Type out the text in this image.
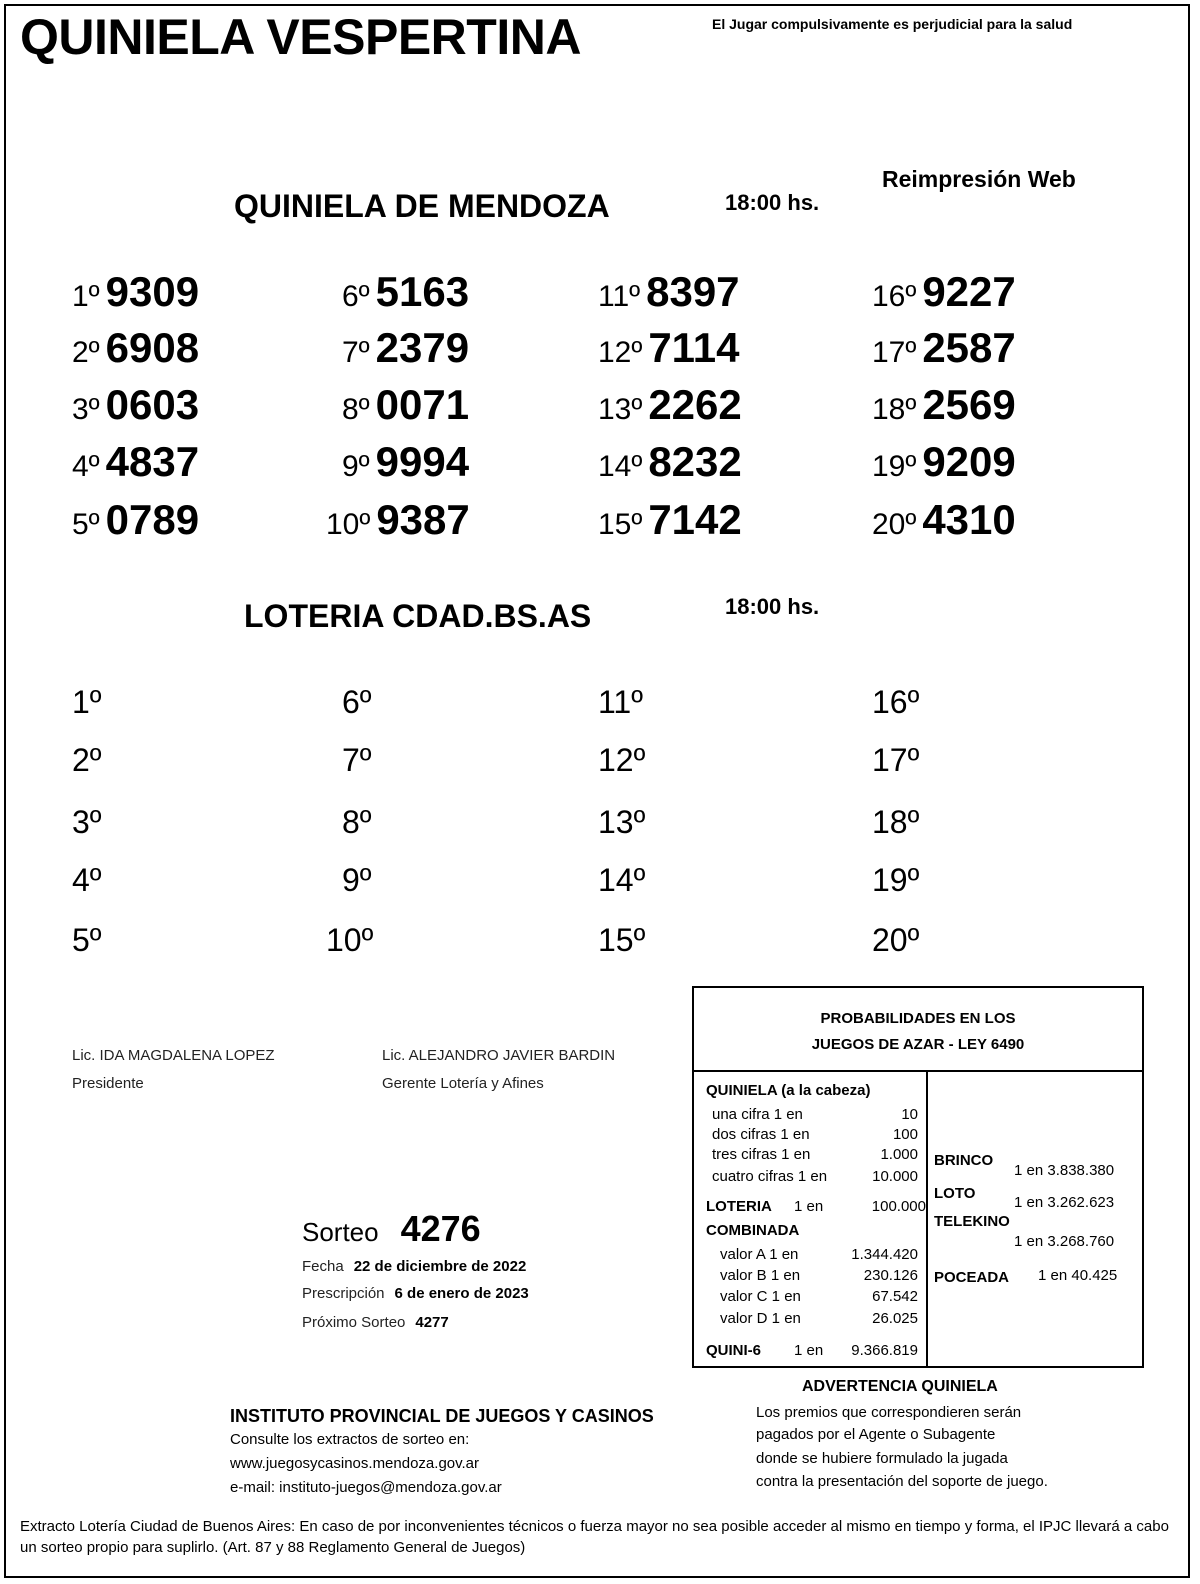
QUINIELA VESPERTINA	El Jugar compulsivamente es perjudicial para la salud
Reimpresión Web
QUINIELA DE MENDOZA	18:00 hs.
1º 9309
2º 6908
3º 0603
4º 4837
5º 0789
6º 5163
7º 2379
8º 0071
9º 9994
10º 9387
11º 8397
12º 7114
13º 2262
14º 8232
15º 7142
16º 9227
17º 2587
18º 2569
19º 9209
20º 4310
LOTERIA CDAD.BS.AS	18:00 hs.
1º
2º
3º
4º
5º
6º
7º
8º
9º
10º
11º
12º
13º
14º
15º
16º
17º
18º
19º
20º
Lic. IDA MAGDALENA LOPEZ
Presidente
Lic. ALEJANDRO JAVIER BARDIN
Gerente Lotería y Afines
Sorteo 4276
Fecha 22 de diciembre de 2022
Prescripción 6 de enero de 2023
Próximo Sorteo 4277
PROBABILIDADES EN LOS
JUEGOS DE AZAR - LEY 6490
QUINIELA (a la cabeza)
una cifra 1 en	10
dos cifras 1 en	100
tres cifras 1 en	1.000
cuatro cifras 1 en	10.000
LOTERIA 1 en	100.000
COMBINADA
valor A 1 en	1.344.420
valor B 1 en	230.126
valor C 1 en	67.542
valor D 1 en	26.025
QUINI-6 1 en	9.366.819
BRINCO
1 en 3.838.380
LOTO
1 en 3.262.623
TELEKINO
1 en 3.268.760
POCEADA 1 en 40.425
INSTITUTO PROVINCIAL DE JUEGOS Y CASINOS
Consulte los extractos de sorteo en:
www.juegosycasinos.mendoza.gov.ar
e-mail: instituto-juegos@mendoza.gov.ar
ADVERTENCIA QUINIELA
Los premios que correspondieren serán
pagados por el Agente o Subagente
donde se hubiere formulado la jugada
contra la presentación del soporte de juego.
Extracto Lotería Ciudad de Buenos Aires: En caso de por inconvenientes técnicos o fuerza mayor no sea posible acceder al mismo en tiempo y forma, el IPJC llevará a cabo un sorteo propio para suplirlo. (Art. 87 y 88 Reglamento General de Juegos)
